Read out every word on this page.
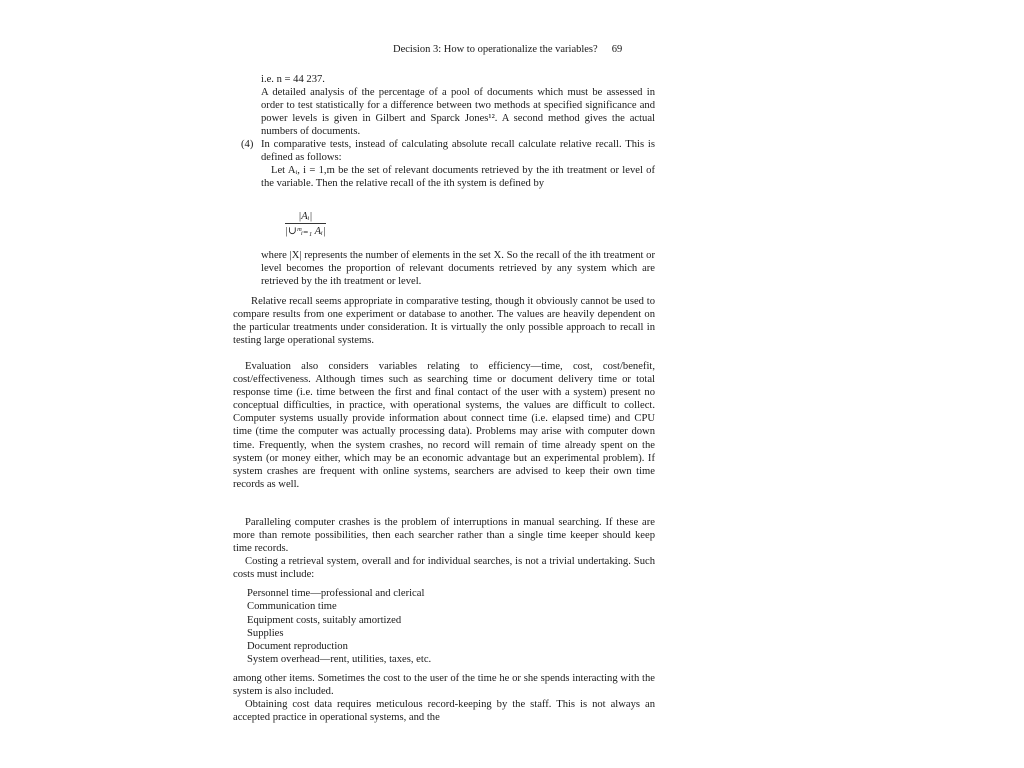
Decision 3: How to operationalize the variables? 69

i.e. n = 44 237.

A detailed analysis of the percentage of a pool of documents which must be assessed in order to test statistically for a difference between two methods at specified significance and power levels is given in Gilbert and Sparck Jones¹². A second method gives the actual numbers of documents.

(4) In comparative tests, instead of calculating absolute recall calculate relative recall. This is defined as follows:

Let Aᵢ, i = 1,m be the set of relevant documents retrieved by the ith treatment or level of the variable. Then the relative recall of the ith system is defined by

$\frac{\text{|Aᵢ|}}{\text{|∪ᵐᵢ₌₁ Aᵢ|}}$

where |X| represents the number of elements in the set X. So the recall of the ith treatment or level becomes the proportion of relevant documents retrieved by any system which are retrieved by the ith treatment or level.

Relative recall seems appropriate in comparative testing, though it obviously cannot be used to compare results from one experiment or database to another. The values are heavily dependent on the particular treatments under consideration. It is virtually the only possible approach to recall in testing large operational systems.

Evaluation also considers variables relating to efficiency—time, cost, cost/benefit, cost/effectiveness. Although times such as searching time or document delivery time or total response time (i.e. time between the first and final contact of the user with a system) present no conceptual difficulties, in practice, with operational systems, the values are difficult to collect. Computer systems usually provide information about connect time (i.e. elapsed time) and CPU time (time the computer was actually processing data). Problems may arise with computer down time. Frequently, when the system crashes, no record will remain of time already spent on the system (or money either, which may be an economic advantage but an experimental problem). If system crashes are frequent with online systems, searchers are advised to keep their own time records as well.

Paralleling computer crashes is the problem of interruptions in manual searching. If these are more than remote possibilities, then each searcher rather than a single time keeper should keep time records.

Costing a retrieval system, overall and for individual searches, is not a trivial undertaking. Such costs must include:

Personnel time—professional and clerical
Communication time
Equipment costs, suitably amortized
Supplies
Document reproduction
System overhead—rent, utilities, taxes, etc.

among other items. Sometimes the cost to the user of the time he or she spends interacting with the system is also included.

Obtaining cost data requires meticulous record-keeping by the staff. This is not always an accepted practice in operational systems, and the
